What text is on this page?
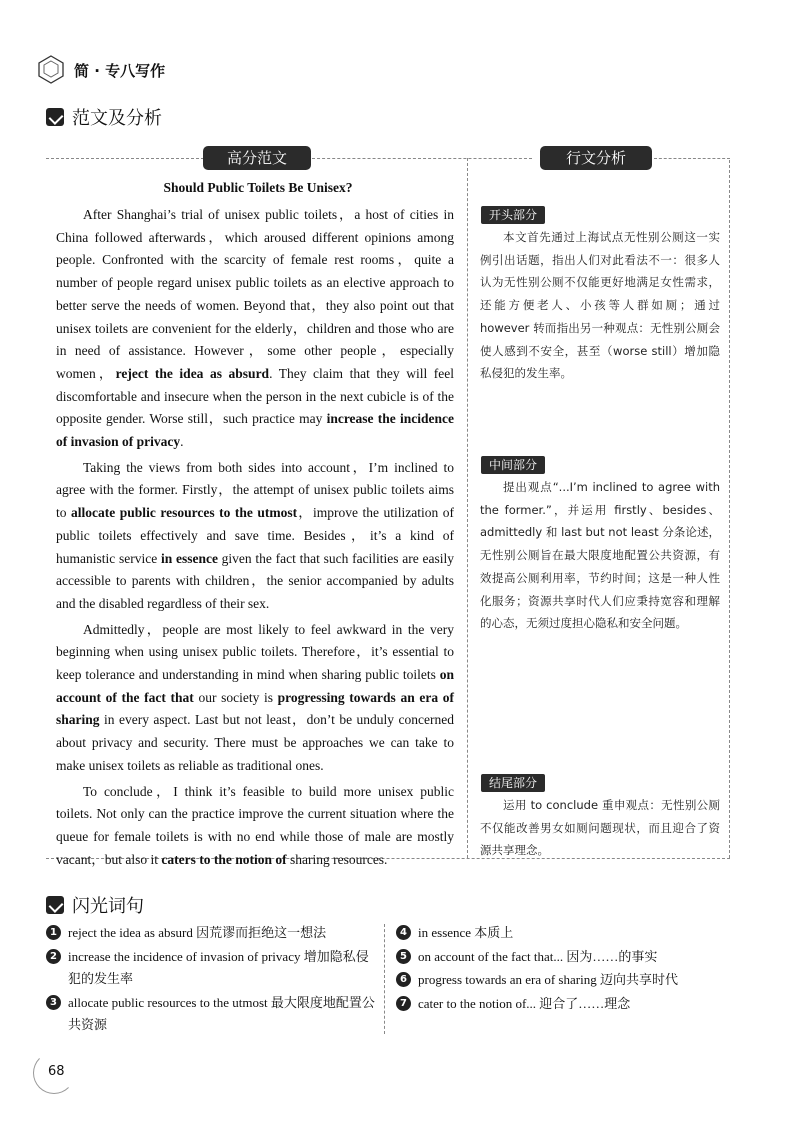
简 · 专八写作
范文及分析
高分范文	行文分析
Should Public Toilets Be Unisex?

After Shanghai’s trial of unisex public toilets，a host of cities in China followed afterwards，which aroused different opinions among people. Confronted with the scarcity of female rest rooms，quite a number of people regard unisex public toilets as an elective approach to better serve the needs of women. Beyond that，they also point out that unisex toilets are convenient for the elderly，children and those who are in need of assistance. However，some other people，especially women，reject the idea as absurd. They claim that they will feel discomfortable and insecure when the person in the next cubicle is of the opposite gender. Worse still，such practice may increase the incidence of invasion of privacy.

Taking the views from both sides into account，I’m inclined to agree with the former. Firstly，the attempt of unisex public toilets aims to allocate public resources to the utmost，improve the utilization of public toilets effectively and save time. Besides，it’s a kind of humanistic service in essence given the fact that such facilities are easily accessible to parents with children，the senior accompanied by adults and the disabled regardless of their sex.

Admittedly，people are most likely to feel awkward in the very beginning when using unisex public toilets. Therefore，it’s essential to keep tolerance and understanding in mind when sharing public toilets on account of the fact that our society is progressing towards an era of sharing in every aspect. Last but not least，don’t be unduly concerned about privacy and security. There must be approaches we can take to make unisex toilets as reliable as traditional ones.

To conclude，I think it’s feasible to build more unisex public toilets. Not only can the practice improve the current situation where the queue for female toilets is with no end while those of male are mostly vacant，but also it caters to the notion of sharing resources.

开头部分

本文首先通过上海试点无性别公厕这一实例引出话题，指出人们对此看法不一：很多人认为无性别公厕不仅能更好地满足女性需求，还能方便老人、小孩等人群如厕；通过 however 转而指出另一种观点：无性别公厕会使人感到不安全，甚至（worse still）增加隐私侵犯的发生率。

中间部分

提出观点“...I’m inclined to agree with the former.”，并运用 firstly、besides、admittedly 和 last but not least 分条论述，无性别公厕旨在最大限度地配置公共资源，有效提高公厕利用率，节约时间；这是一种人性化服务；资源共享时代人们应秉持宽容和理解的心态，无须过度担心隐私和安全问题。

结尾部分

运用 to conclude 重申观点：无性别公厕不仅能改善男女如厕问题现状，而且迎合了资源共享理念。

闪光词句
1 reject the idea as absurd 因荒谬而拒绝这一想法
2 increase the incidence of invasion of privacy 增加隐私侵犯的发生率
3 allocate public resources to the utmost 最大限度地配置公共资源
4 in essence 本质上
5 on account of the fact that... 因为……的事实
6 progress towards an era of sharing 迈向共享时代
7 cater to the notion of... 迎合了……理念
68
